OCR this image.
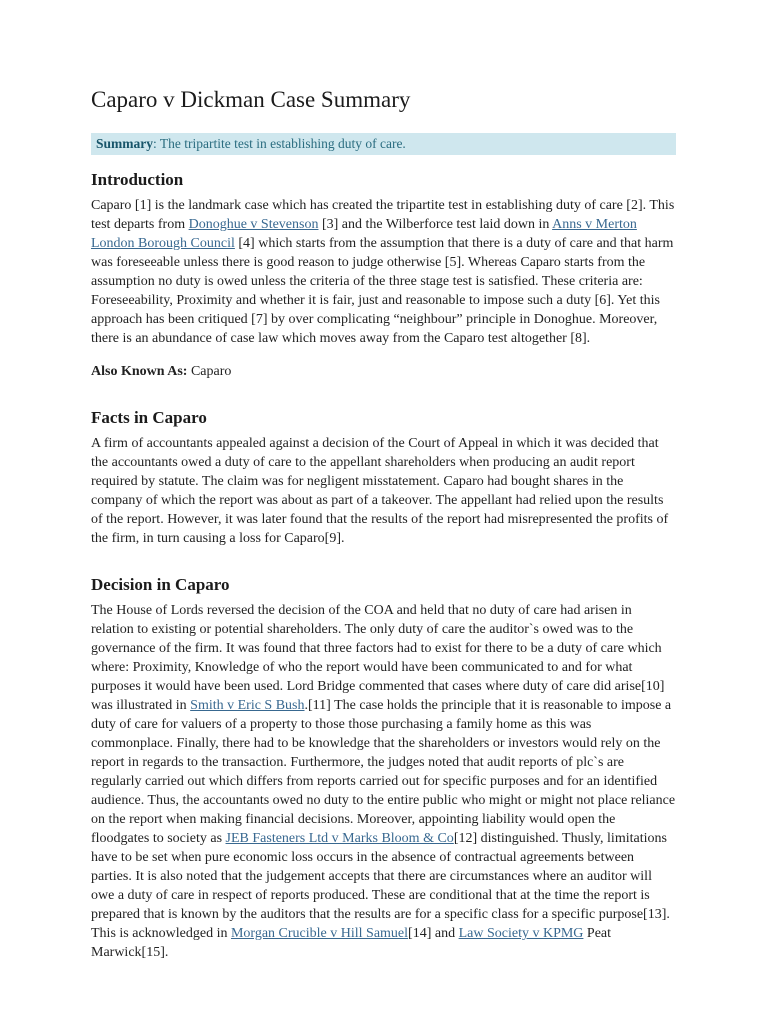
Caparo v Dickman Case Summary
Summary: The tripartite test in establishing duty of care.
Introduction

Caparo [1] is the landmark case which has created the tripartite test in establishing duty of care [2]. This test departs from Donoghue v Stevenson [3] and the Wilberforce test laid down in Anns v Merton London Borough Council [4] which starts from the assumption that there is a duty of care and that harm was foreseeable unless there is good reason to judge otherwise [5]. Whereas Caparo starts from the assumption no duty is owed unless the criteria of the three stage test is satisfied. These criteria are: Foreseeability, Proximity and whether it is fair, just and reasonable to impose such a duty [6]. Yet this approach has been critiqued [7] by over complicating “neighbour” principle in Donoghue. Moreover, there is an abundance of case law which moves away from the Caparo test altogether [8].

Also Known As: Caparo

Facts in Caparo

A firm of accountants appealed against a decision of the Court of Appeal in which it was decided that the accountants owed a duty of care to the appellant shareholders when producing an audit report required by statute. The claim was for negligent misstatement. Caparo had bought shares in the company of which the report was about as part of a takeover. The appellant had relied upon the results of the report. However, it was later found that the results of the report had misrepresented the profits of the firm, in turn causing a loss for Caparo[9].

Decision in Caparo

The House of Lords reversed the decision of the COA and held that no duty of care had arisen in relation to existing or potential shareholders. The only duty of care the auditor`s owed was to the governance of the firm. It was found that three factors had to exist for there to be a duty of care which where: Proximity, Knowledge of who the report would have been communicated to and for what purposes it would have been used. Lord Bridge commented that cases where duty of care did arise[10] was illustrated in Smith v Eric S Bush.[11] The case holds the principle that it is reasonable to impose a duty of care for valuers of a property to those those purchasing a family home as this was commonplace. Finally, there had to be knowledge that the shareholders or investors would rely on the report in regards to the transaction. Furthermore, the judges noted that audit reports of plc`s are regularly carried out which differs from reports carried out for specific purposes and for an identified audience. Thus, the accountants owed no duty to the entire public who might or might not place reliance on the report when making financial decisions. Moreover, appointing liability would open the floodgates to society as JEB Fasteners Ltd v Marks Bloom & Co[12] distinguished. Thusly, limitations have to be set when pure economic loss occurs in the absence of contractual agreements between parties. It is also noted that the judgement accepts that there are circumstances where an auditor will owe a duty of care in respect of reports produced. These are conditional that at the time the report is prepared that is known by the auditors that the results are for a specific class for a specific purpose[13]. This is acknowledged in Morgan Crucible v Hill Samuel[14] and Law Society v KPMG Peat Marwick[15].
